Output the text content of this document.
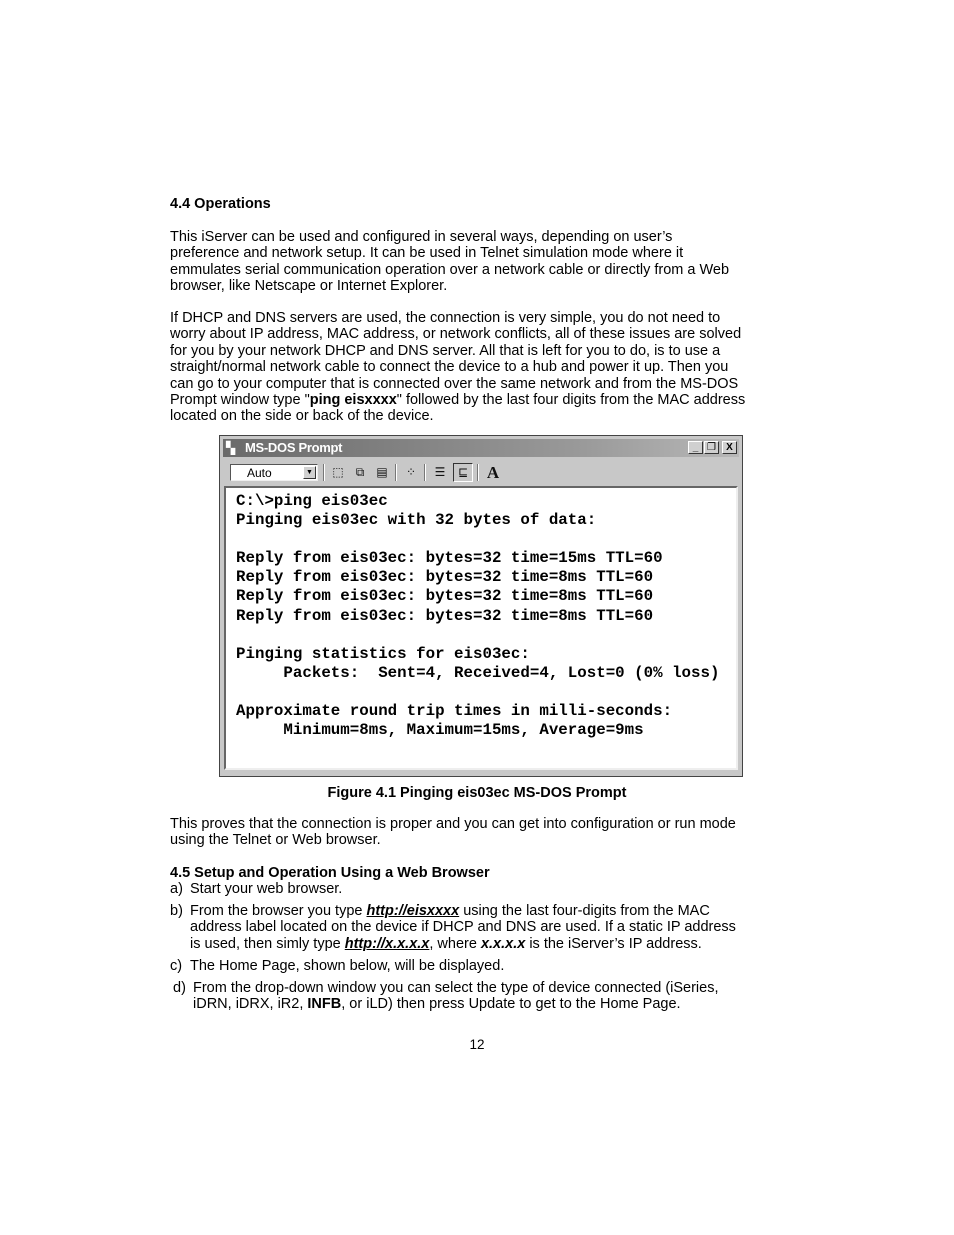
4.4 Operations

This iServer can be used and configured in several ways, depending on user’s

preference and network setup. It can be used in Telnet simulation mode where it

emmulates serial communication operation over a network cable or directly from a Web

browser, like Netscape or Internet Explorer.

If DHCP and DNS servers are used, the connection is very simple, you do not need to

worry about IP address, MAC address, or network conflicts, all of these issues are solved

for you by your network DHCP and DNS server. All that is left for you to do, is to use a

straight/normal network cable to connect the device to a hub and power it up. Then you

can go to your computer that is connected over the same network and from the MS-DOS

Prompt window type "ping eisxxxx" followed by the last four digits from the MAC address

located on the side or back of the device.

▚ MS-DOS Prompt	_ ❐	X
Auto	▼	⬚	⧉	▤	⁘	☰	⊑ A
C:\>ping eis03ec
Pinging eis03ec with 32 bytes of data:

Reply from eis03ec: bytes=32 time=15ms TTL=60
Reply from eis03ec: bytes=32 time=8ms TTL=60
Reply from eis03ec: bytes=32 time=8ms TTL=60
Reply from eis03ec: bytes=32 time=8ms TTL=60

Pinging statistics for eis03ec:
Packets:  Sent=4, Received=4, Lost=0 (0% loss)

Approximate round trip times in milli-seconds:
Minimum=8ms, Maximum=15ms, Average=9ms
Figure 4.1 Pinging eis03ec MS-DOS Prompt

This proves that the connection is proper and you can get into configuration or run mode

using the Telnet or Web browser.

4.5 Setup and Operation Using a Web Browser
a) Start your web browser.

b) From the browser you type http://eisxxxx using the last four-digits from the MAC

address label located on the device if DHCP and DNS are used. If a static IP address

is used, then simly type http://x.x.x.x, where x.x.x.x is the iServer’s IP address.

c) The Home Page, shown below, will be displayed.

d) From the drop-down window you can select the type of device connected (iSeries,

iDRN, iDRX, iR2, INFB, or iLD) then press Update to get to the Home Page.

12
